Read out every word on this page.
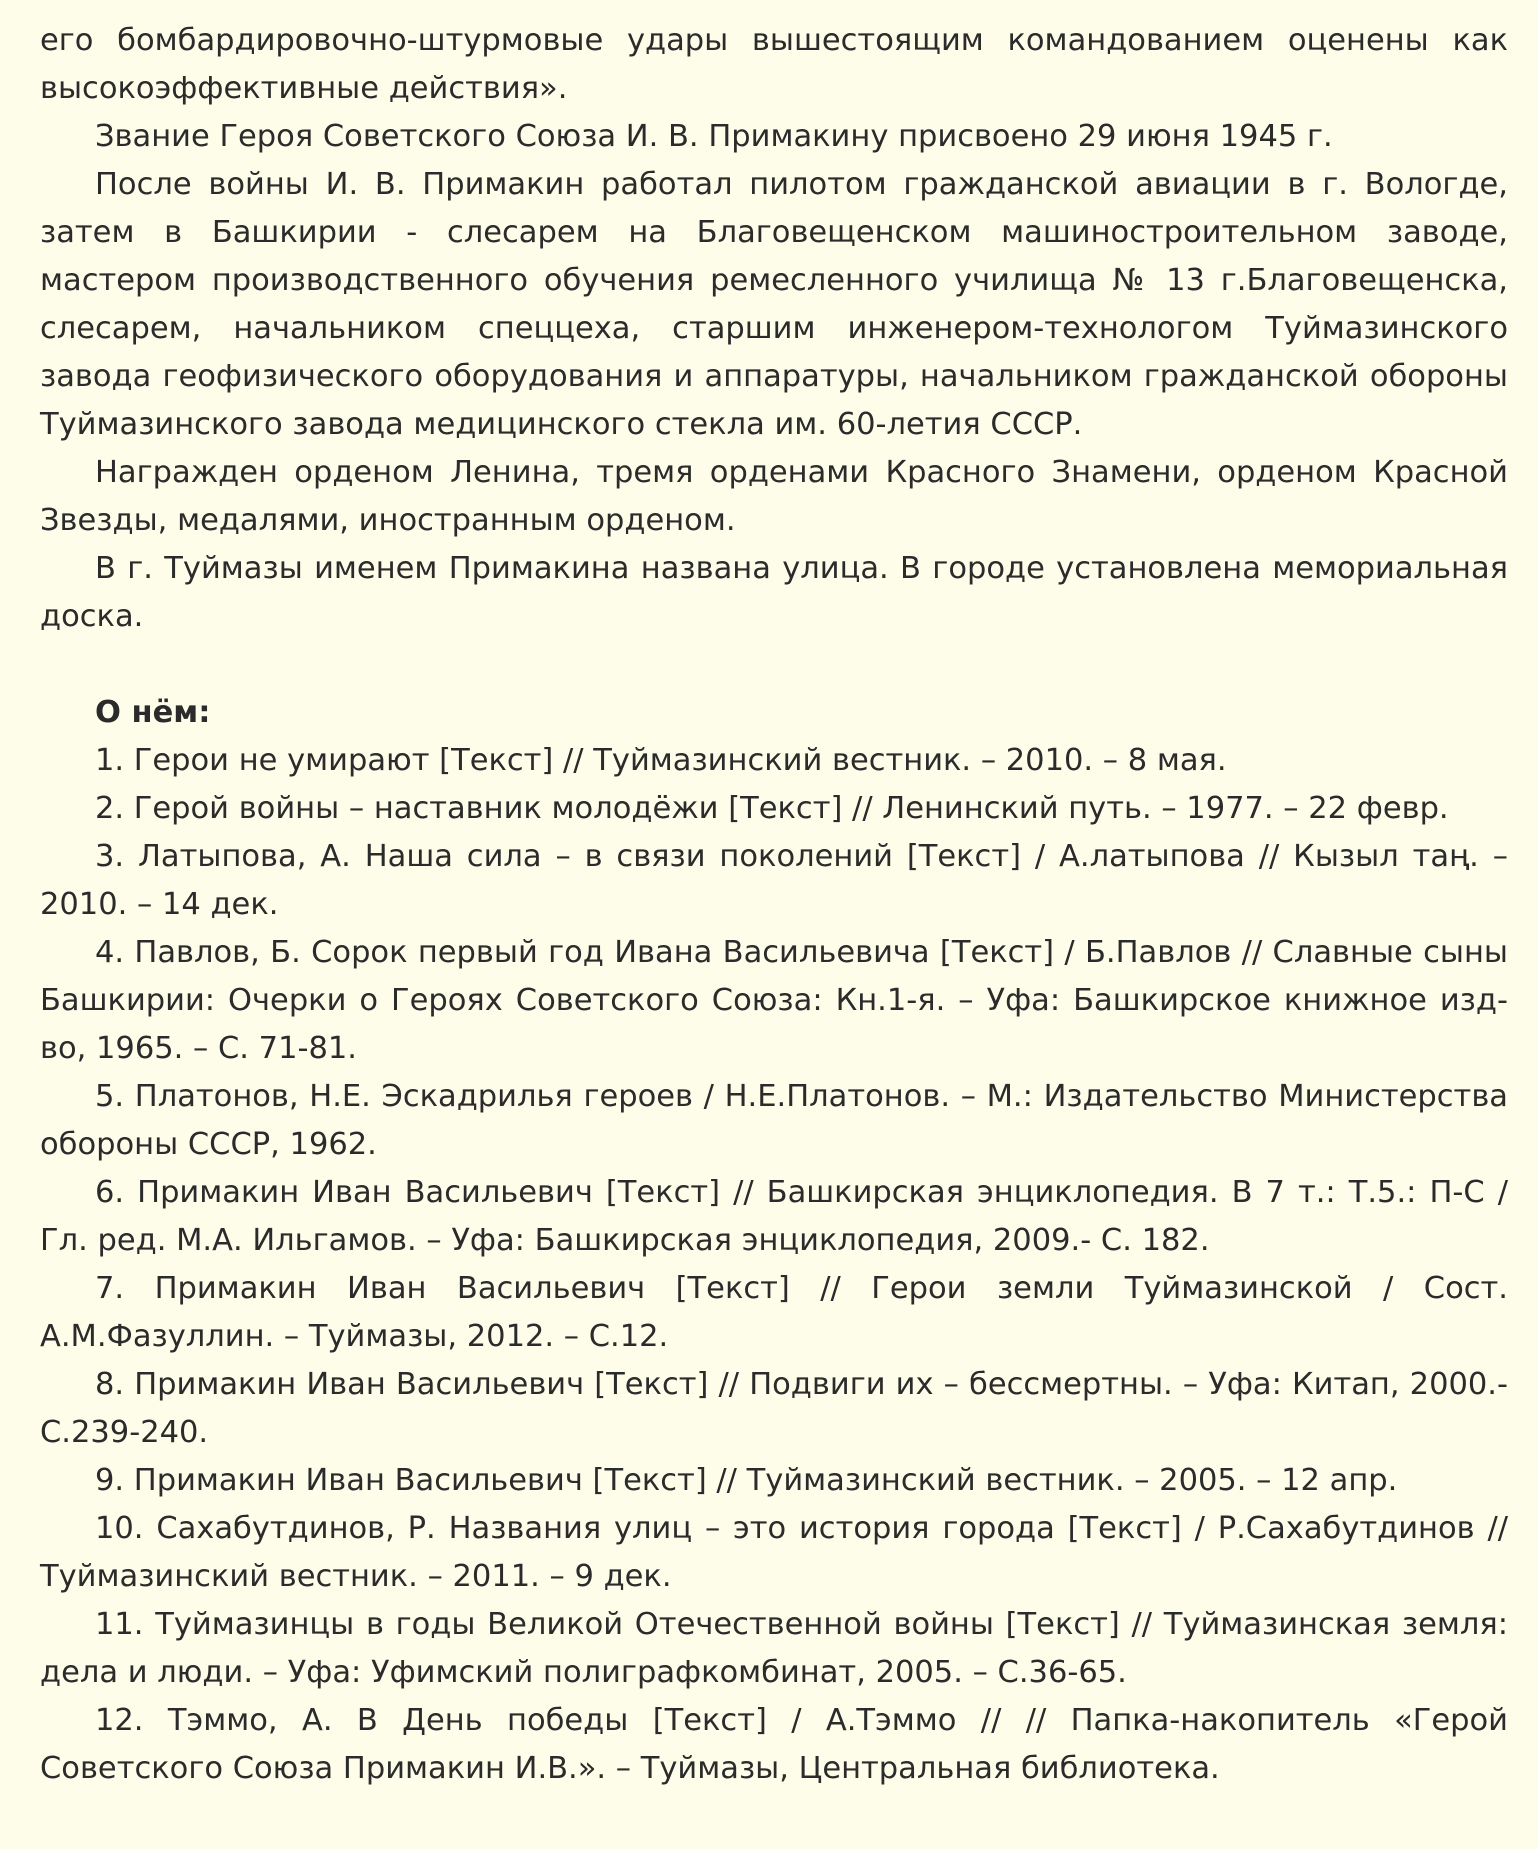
его бомбардировочно-штурмовые удары вышестоящим командованием оценены как высокоэффективные действия».

Звание Героя Советского Союза И. В. Примакину присвоено 29 июня 1945 г.

После войны И. В. Примакин работал пилотом гражданской авиации в г. Вологде, затем в Башкирии - слесарем на Благовещенском машиностроительном заводе, мастером производственного обучения ремесленного училища № 13 г.Благовещенска, слесарем, начальником спеццеха, старшим инженером-технологом Туймазинского завода геофизического оборудования и аппаратуры, начальником гражданской обороны Туймазинского завода медицинского стекла им. 60-летия СССР.

Награжден орденом Ленина, тремя орденами Красного Знамени, орденом Красной Звезды, медалями, иностранным орденом.

В г. Туймазы именем Примакина названа улица. В городе установлена мемориальная доска.

О нём:

1. Герои не умирают [Текст] // Туймазинский вестник. – 2010. – 8 мая.

2. Герой войны – наставник молодёжи [Текст] // Ленинский путь. – 1977. – 22 февр.

3. Латыпова, А. Наша сила – в связи поколений [Текст] / А.латыпова // Кызыл таң. – 2010. – 14 дек.

4. Павлов, Б. Сорок первый год Ивана Васильевича [Текст] / Б.Павлов // Славные сыны Башкирии: Очерки о Героях Советского Союза: Кн.1-я. – Уфа: Башкирское книжное изд-во, 1965. – С. 71-81.

5. Платонов, Н.Е. Эскадрилья героев / Н.Е.Платонов. – М.: Издательство Министерства обороны СССР, 1962.

6. Примакин Иван Васильевич [Текст] // Башкирская энциклопедия. В 7 т.: Т.5.: П-С / Гл. ред. М.А. Ильгамов. – Уфа: Башкирская энциклопедия, 2009.- С. 182.

7. Примакин Иван Васильевич [Текст] // Герои земли Туймазинской / Сост. А.М.Фазуллин. – Туймазы, 2012. – С.12.

8. Примакин Иван Васильевич [Текст] // Подвиги их – бессмертны. – Уфа: Китап, 2000.- С.239-240.

9. Примакин Иван Васильевич [Текст] // Туймазинский вестник. – 2005. – 12 апр.

10. Сахабутдинов, Р. Названия улиц – это история города [Текст] / Р.Сахабутдинов // Туймазинский вестник. – 2011. – 9 дек.

11. Туймазинцы в годы Великой Отечественной войны [Текст] // Туймазинская земля: дела и люди. – Уфа: Уфимский полиграфкомбинат, 2005. – С.36-65.

12. Тэммо, А. В День победы [Текст] / А.Тэммо // // Папка-накопитель «Герой Советского Союза Примакин И.В.». – Туймазы, Центральная библиотека.
